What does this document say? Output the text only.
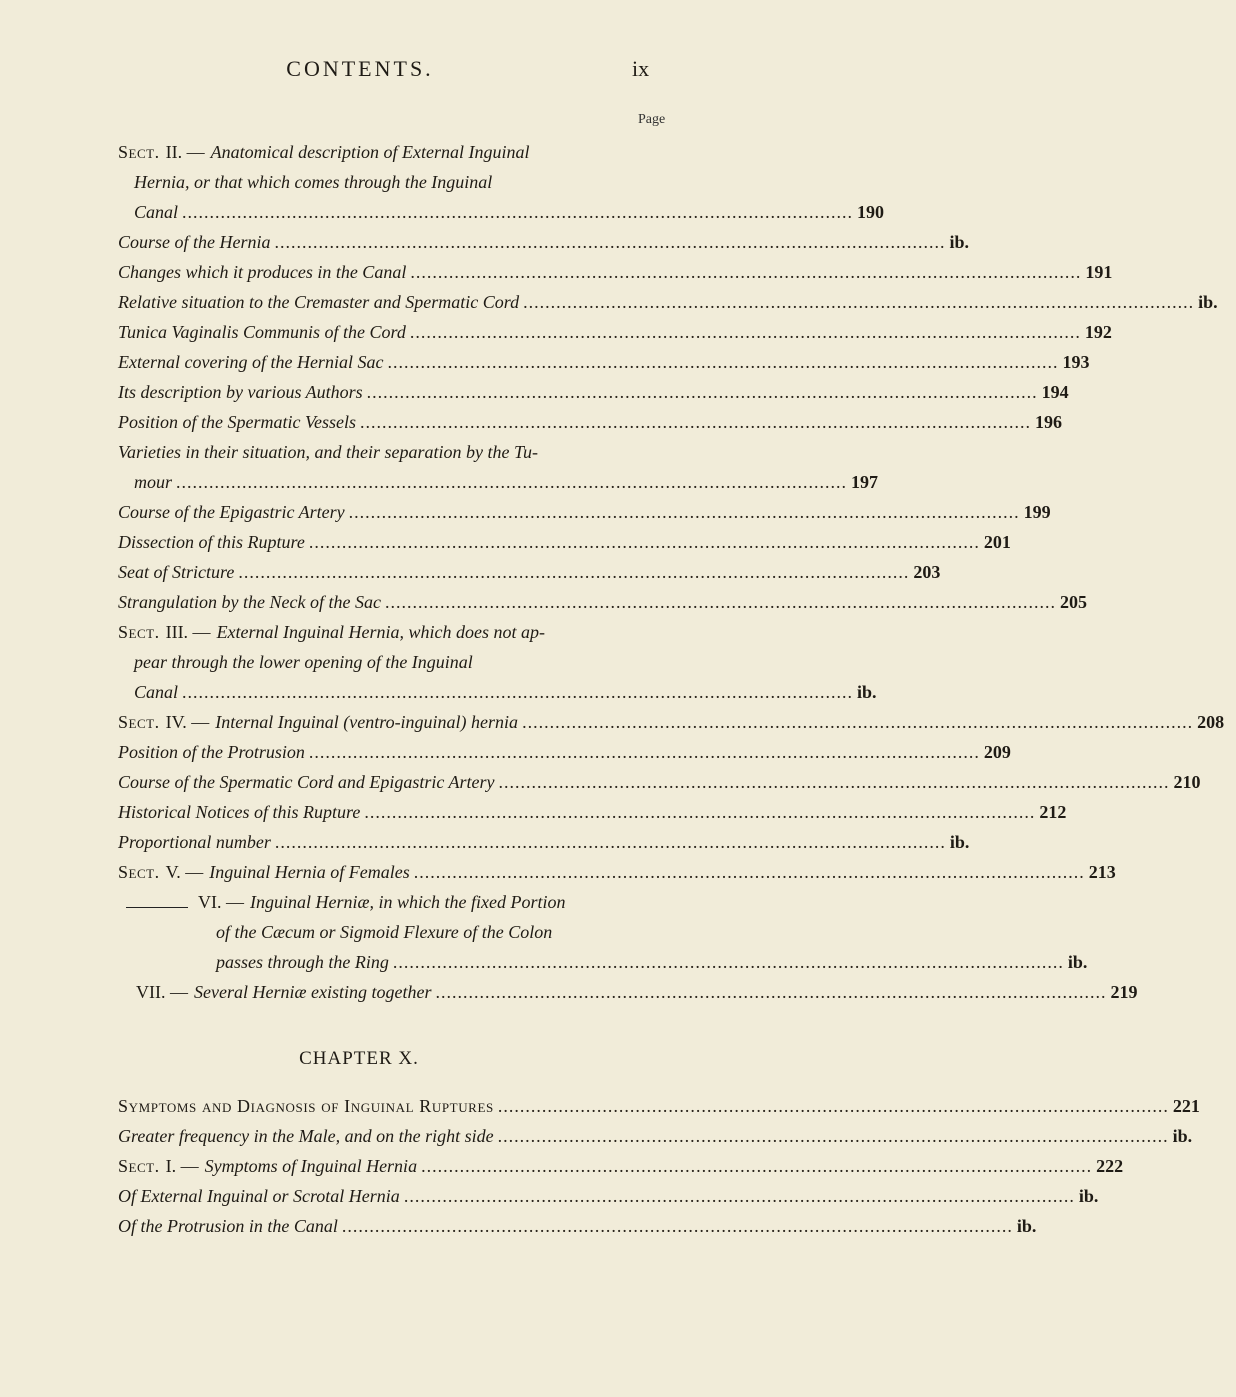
CONTENTS.	ix
Page
Sect. II. — Anatomical description of External Inguinal
Hernia, or that which comes through the Inguinal
Canal .......................................................................................................................... 190
Course of the Hernia .......................................................................................................................... ib.
Changes which it produces in the Canal .......................................................................................................................... 191
Relative situation to the Cremaster and Spermatic Cord .......................................................................................................................... ib.
Tunica Vaginalis Communis of the Cord .......................................................................................................................... 192
External covering of the Hernial Sac .......................................................................................................................... 193
Its description by various Authors .......................................................................................................................... 194
Position of the Spermatic Vessels .......................................................................................................................... 196
Varieties in their situation, and their separation by the Tu-
mour .......................................................................................................................... 197
Course of the Epigastric Artery .......................................................................................................................... 199
Dissection of this Rupture .......................................................................................................................... 201
Seat of Stricture .......................................................................................................................... 203
Strangulation by the Neck of the Sac .......................................................................................................................... 205
Sect. III. — External Inguinal Hernia, which does not ap-
pear through the lower opening of the Inguinal
Canal .......................................................................................................................... ib.
Sect. IV. — Internal Inguinal (ventro-inguinal) hernia .......................................................................................................................... 208
Position of the Protrusion .......................................................................................................................... 209
Course of the Spermatic Cord and Epigastric Artery .......................................................................................................................... 210
Historical Notices of this Rupture .......................................................................................................................... 212
Proportional number .......................................................................................................................... ib.
Sect. V. — Inguinal Hernia of Females .......................................................................................................................... 213
VI. — Inguinal Herniæ, in which the fixed Portion
of the Cæcum or Sigmoid Flexure of the Colon
passes through the Ring .......................................................................................................................... ib.
VII. — Several Herniæ existing together .......................................................................................................................... 219
CHAPTER X.
Symptoms and Diagnosis of Inguinal Ruptures .......................................................................................................................... 221
Greater frequency in the Male, and on the right side .......................................................................................................................... ib.
Sect. I. — Symptoms of Inguinal Hernia .......................................................................................................................... 222
Of External Inguinal or Scrotal Hernia .......................................................................................................................... ib.
Of the Protrusion in the Canal .......................................................................................................................... ib.
